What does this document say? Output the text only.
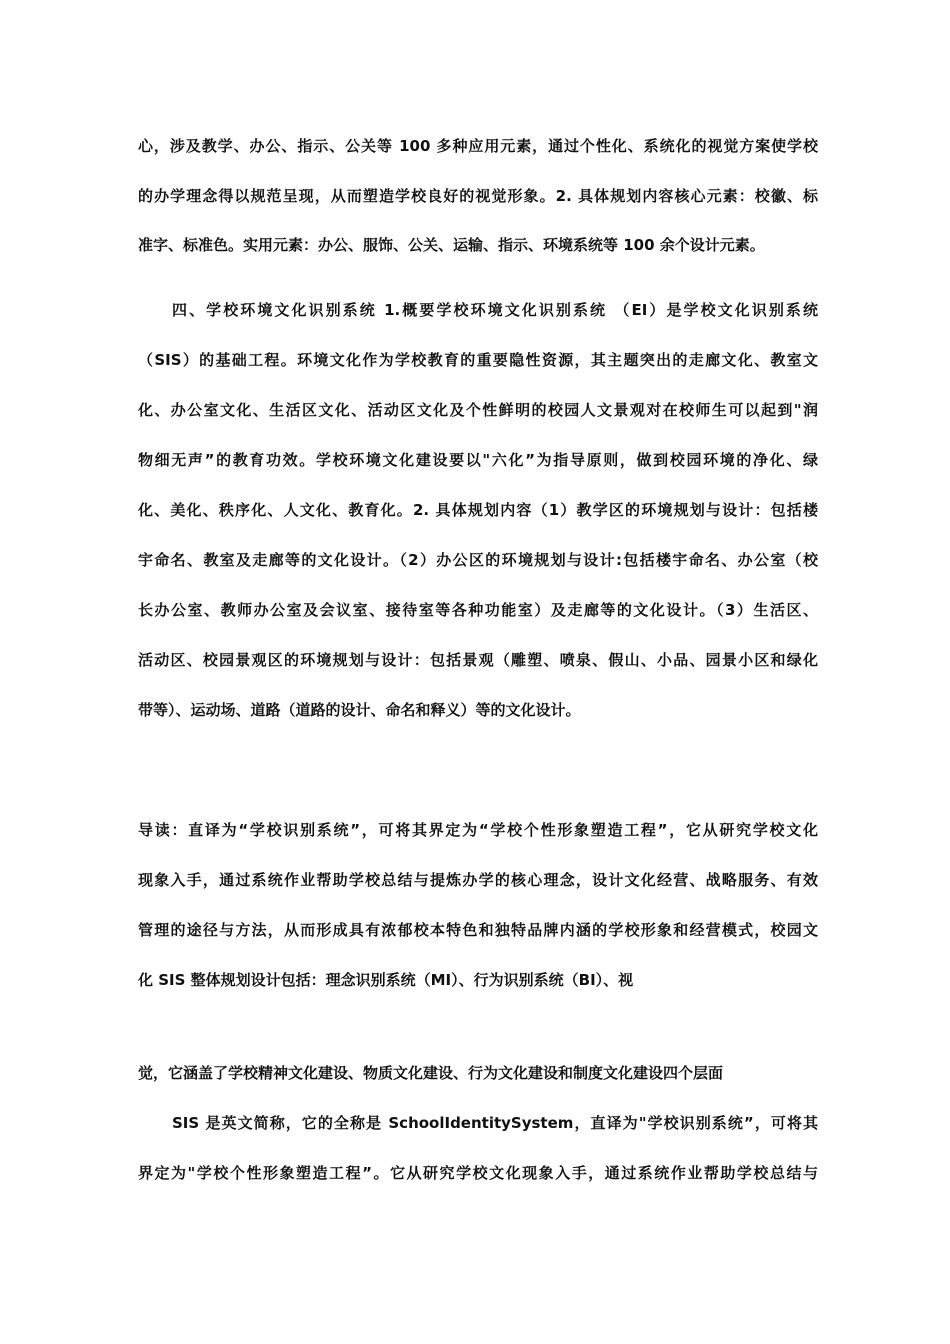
心，涉及教学、办公、指示、公关等 100 多种应用元素，通过个性化、系统化的视觉方案使学校
的办学理念得以规范呈现，从而塑造学校良好的视觉形象。2. 具体规划内容核心元素：校徽、标
准字、标准色。实用元素：办公、服饰、公关、运输、指示、环境系统等 100 余个设计元素。
四、学校环境文化识别系统 1.概要学校环境文化识别系统 （EI）是学校文化识别系统
（SIS）的基础工程。环境文化作为学校教育的重要隐性资源，其主题突出的走廊文化、教室文
化、办公室文化、生活区文化、活动区文化及个性鲜明的校园人文景观对在校师生可以起到"润
物细无声”的教育功效。学校环境文化建设要以"六化”为指导原则，做到校园环境的净化、绿
化、美化、秩序化、人文化、教育化。2. 具体规划内容（1）教学区的环境规划与设计：包括楼
宇命名、教室及走廊等的文化设计。（2）办公区的环境规划与设计:包括楼宇命名、办公室（校
长办公室、教师办公室及会议室、接待室等各种功能室）及走廊等的文化设计。（3）生活区、
活动区、校园景观区的环境规划与设计：包括景观（雕塑、喷泉、假山、小品、园景小区和绿化
带等）、运动场、道路（道路的设计、命名和释义）等的文化设计。
导读：直译为“学校识别系统”，可将其界定为“学校个性形象塑造工程”，它从研究学校文化
现象入手，通过系统作业帮助学校总结与提炼办学的核心理念，设计文化经营、战略服务、有效
管理的途径与方法，从而形成具有浓郁校本特色和独特品牌内涵的学校形象和经营模式，校园文
化 SIS 整体规划设计包括：理念识别系统（MI）、行为识别系统（BI）、视
觉，它涵盖了学校精神文化建设、物质文化建设、行为文化建设和制度文化建设四个层面
SIS 是英文简称，它的全称是 SchoolIdentitySystem，直译为"学校识别系统”，可将其
界定为"学校个性形象塑造工程”。它从研究学校文化现象入手，通过系统作业帮助学校总结与
